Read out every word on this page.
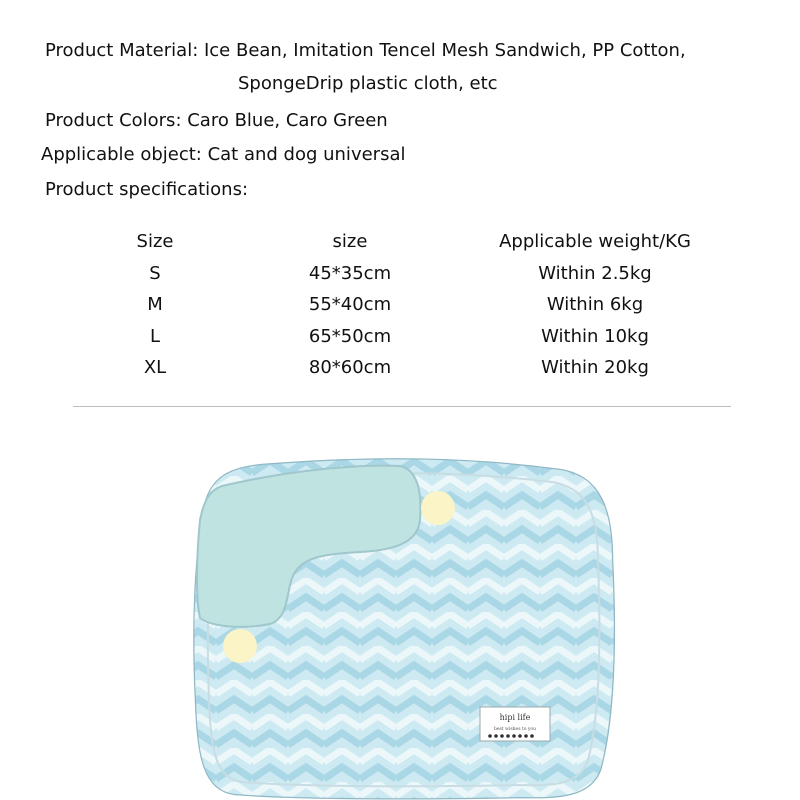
Product Material: Ice Bean, Imitation Tencel Mesh Sandwich, PP Cotton,
SpongeDrip plastic cloth, etc
Product Colors: Caro Blue, Caro Green
Applicable object: Cat and dog universal
Product specifications:
Size	size	Applicable weight/KG
S	45*35cm	Within 2.5kg
M	55*40cm	Within 6kg
L	65*50cm	Within 10kg
XL	80*60cm	Within 20kg
hipi life
best wishes to you
